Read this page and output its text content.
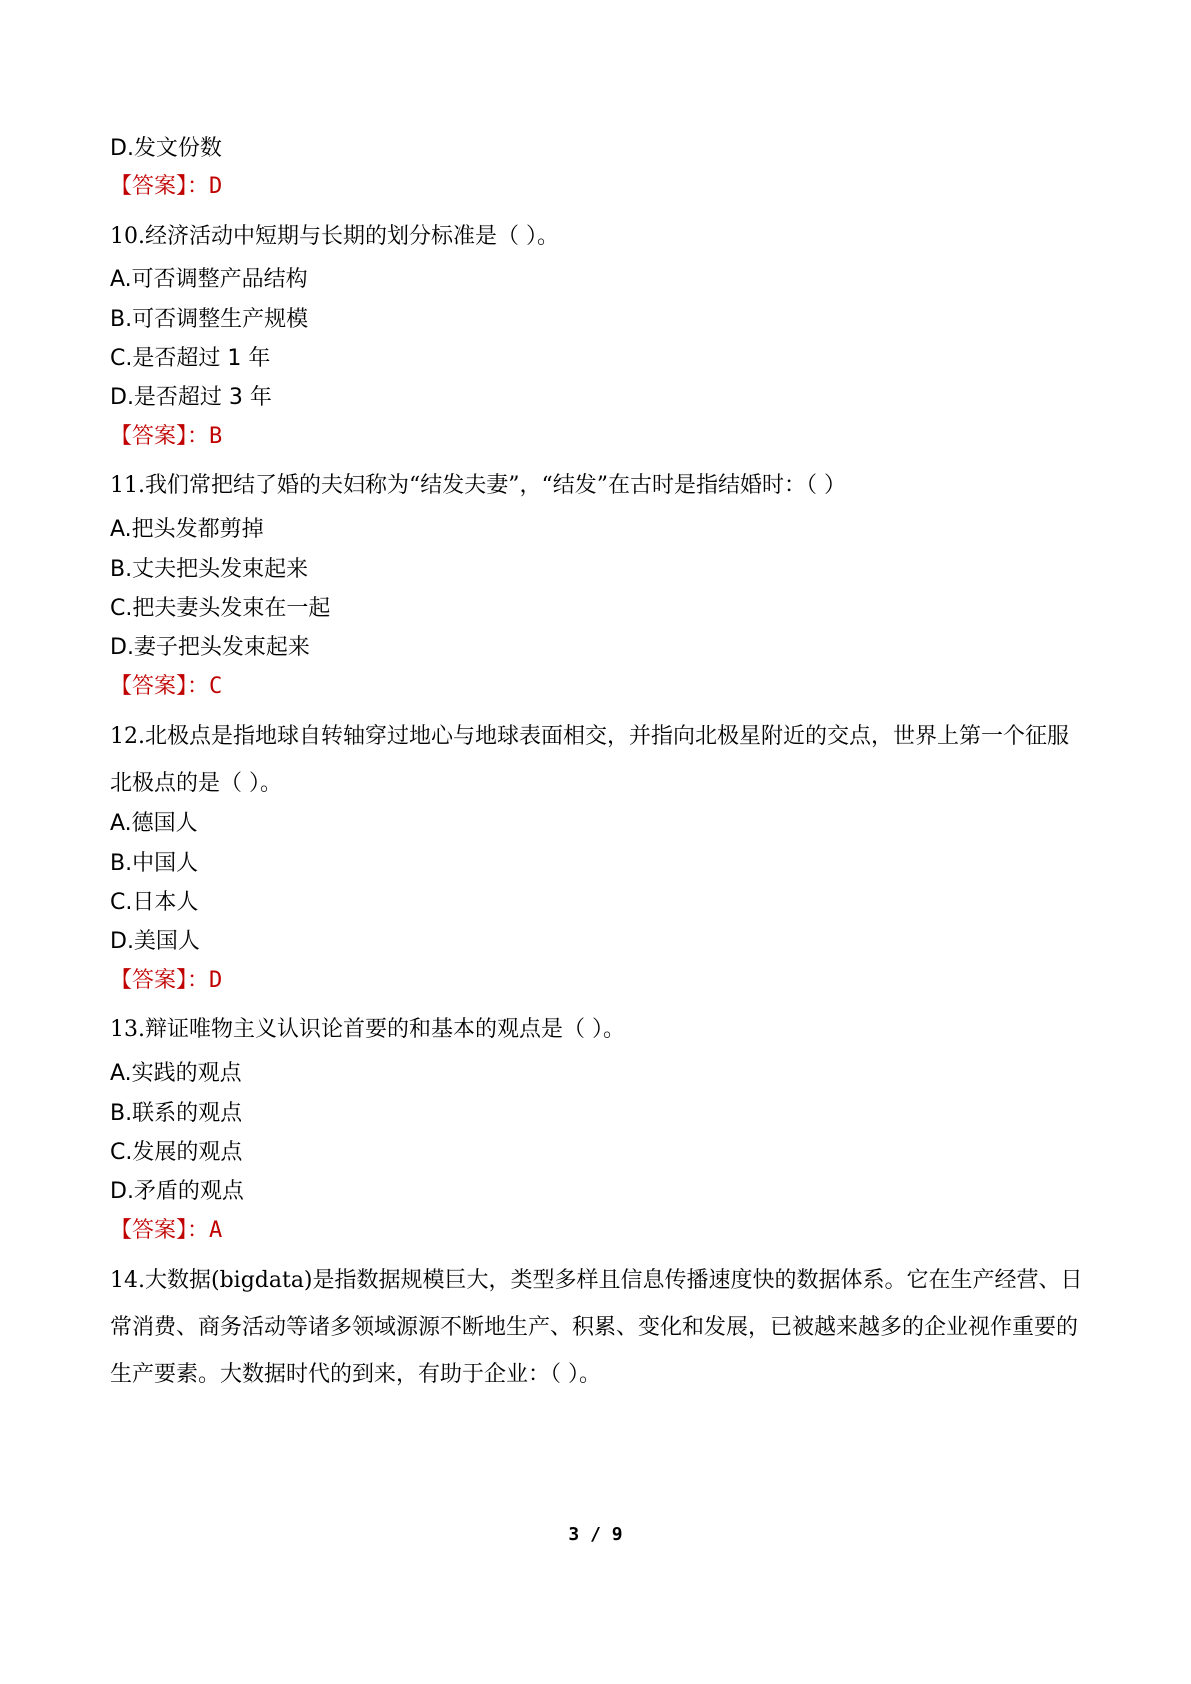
D.发文份数
【答案】：D
10.经济活动中短期与长期的划分标准是（ ）。
A.可否调整产品结构
B.可否调整生产规模
C.是否超过 1 年
D.是否超过 3 年
【答案】：B
11.我们常把结了婚的夫妇称为“结发夫妻”，“结发”在古时是指结婚时：（ ）
A.把头发都剪掉
B.丈夫把头发束起来
C.把夫妻头发束在一起
D.妻子把头发束起来
【答案】：C
12.北极点是指地球自转轴穿过地心与地球表面相交，并指向北极星附近的交点，世界上第一个征服北极点的是（ ）。
A.德国人
B.中国人
C.日本人
D.美国人
【答案】：D
13.辩证唯物主义认识论首要的和基本的观点是（ ）。
A.实践的观点
B.联系的观点
C.发展的观点
D.矛盾的观点
【答案】：A
14.大数据(bigdata)是指数据规模巨大，类型多样且信息传播速度快的数据体系。它在生产经营、日常消费、商务活动等诸多领域源源不断地生产、积累、变化和发展，已被越来越多的企业视作重要的生产要素。大数据时代的到来，有助于企业：（ ）。
3 / 9
